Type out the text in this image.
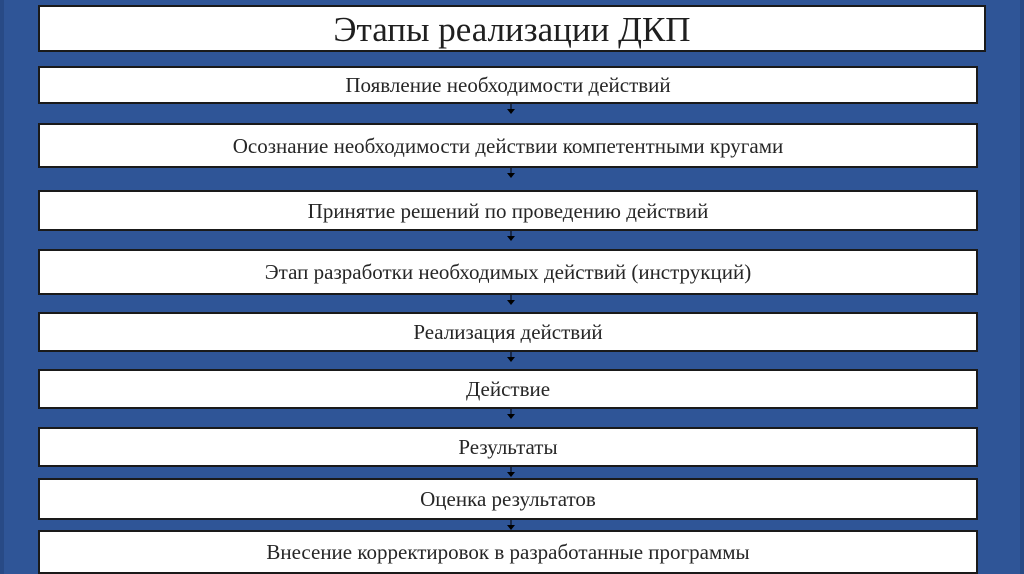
Этапы реализации ДКП
Появление необходимости действий
Осознание необходимости действии компетентными кругами
Принятие решений по проведению действий
Этап разработки необходимых действий (инструкций)
Реализация действий
Действие
Результаты
Оценка результатов
Внесение корректировок в разработанные программы
